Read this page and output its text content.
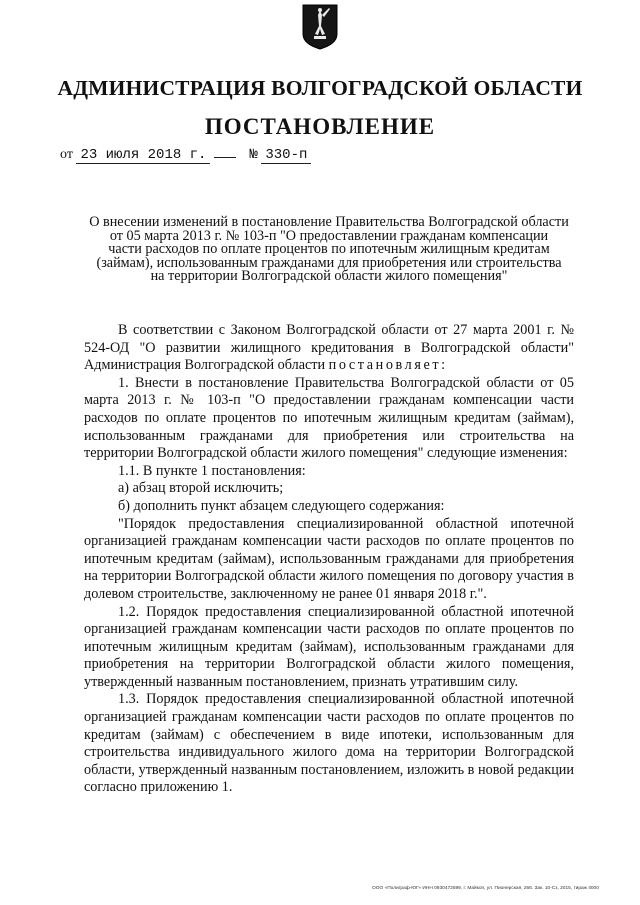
АДМИНИСТРАЦИЯ ВОЛГОГРАДСКОЙ ОБЛАСТИ
ПОСТАНОВЛЕНИЕ
от 23 июля 2018 г.	№ 330-п
О внесении изменений в постановление Правительства Волгоградской области
от 05 марта 2013 г. № 103-п "О предоставлении гражданам компенсации
части расходов по оплате процентов по ипотечным жилищным кредитам
(займам), использованным гражданами для приобретения или строительства
на территории Волгоградской области жилого помещения"

В соответствии с Законом Волгоградской области от 27 марта 2001 г. № 524-ОД "О развитии жилищного кредитования в Волгоградской области" Администрация Волгоградской области постановляет:

1. Внести в постановление Правительства Волгоградской области от 05 марта 2013 г. № 103-п "О предоставлении гражданам компенсации части расходов по оплате процентов по ипотечным жилищным кредитам (займам), использованным гражданами для приобретения или строительства на территории Волгоградской области жилого помещения" следующие изменения:

1.1. В пункте 1 постановления:

а) абзац второй исключить;

б) дополнить пункт абзацем следующего содержания:

"Порядок предоставления специализированной областной ипотечной организацией гражданам компенсации части расходов по оплате процентов по ипотечным кредитам (займам), использованным гражданами для приобретения на территории Волгоградской области жилого помещения по договору участия в долевом строительстве, заключенному не ранее 01 января 2018 г.".

1.2. Порядок предоставления специализированной областной ипотечной организацией гражданам компенсации части расходов по оплате процентов по ипотечным жилищным кредитам (займам), использованным гражданами для приобретения на территории Волгоградской области жилого помещения, утвержденный названным постановлением, признать утратившим силу.

1.3. Порядок предоставления специализированной областной ипотечной организацией гражданам компенсации части расходов по оплате процентов по кредитам (займам) с обеспечением в виде ипотеки, использованным для строительства индивидуального жилого дома на территории Волгоградской области, утвержденный названным постановлением, изложить в новой редакции согласно приложению 1.

ООО «Полиграф-ЮГ» ИНН 0930472599, г. Майкоп, ул. Пионерская, 266. Зак. 10-Сз, 2015, тираж 4000
